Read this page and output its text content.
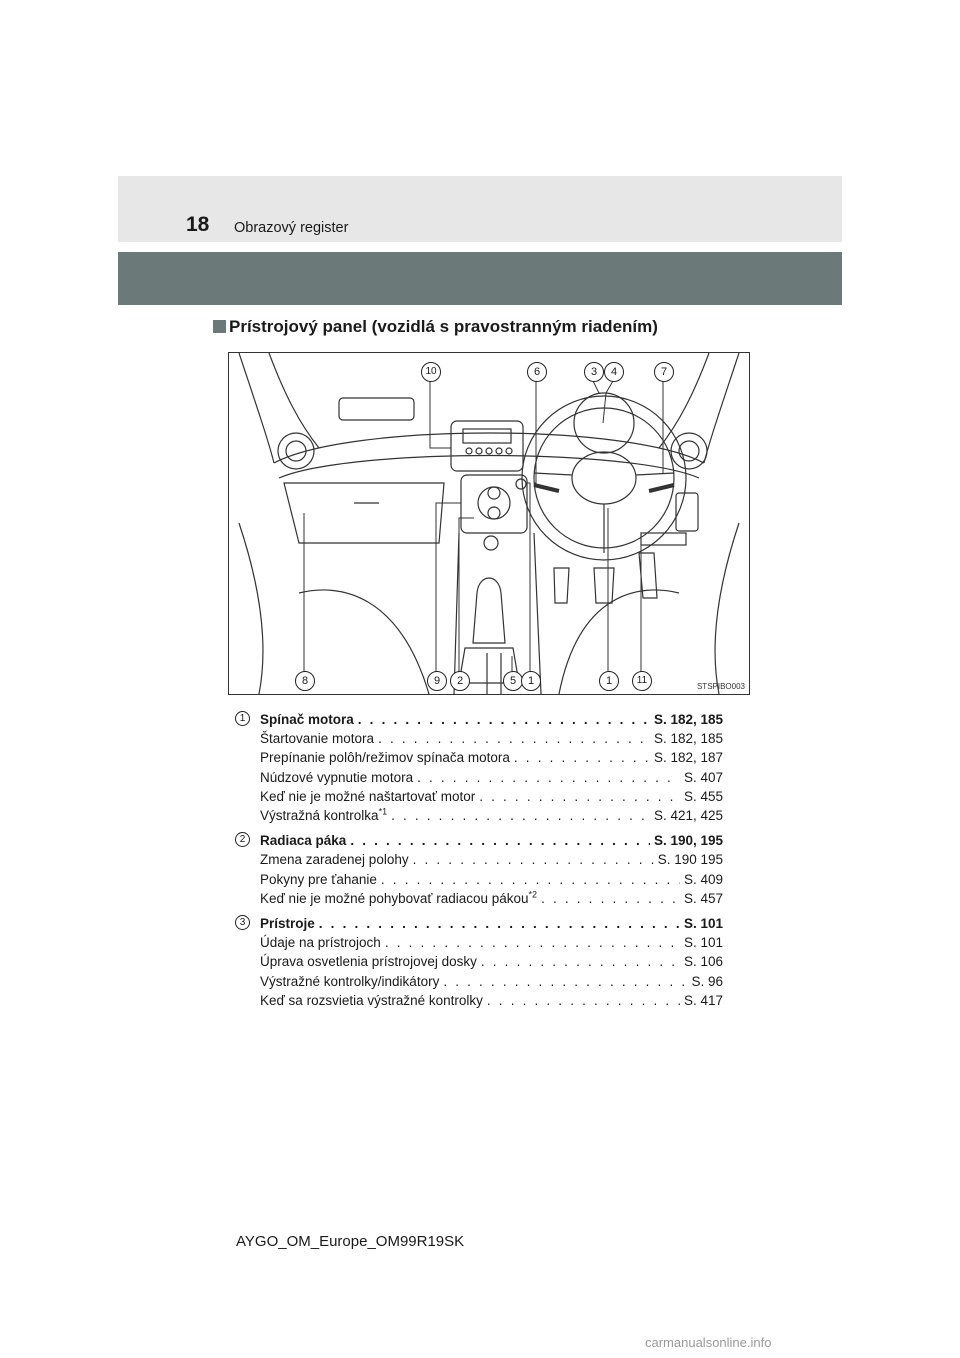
18 Obrazový register
Prístrojový panel (vozidlá s pravostranným riadením)
10	6	3	4	7
8	9	2	5	1	1	11
STSPIBO003
1	Spínač motora . . .	S. 182, 185
Štartovanie motora . . .	S. 182, 185
Prepínanie polôh/režimov spínača motora . . .	S. 182, 187
Núdzové vypnutie motora . . .	S. 407
Keď nie je možné naštartovať motor . . .	S. 455
Výstražná kontrolka$^{*1}$ . . .	S. 421, 425
2	Radiaca páka . . .	S. 190, 195
Zmena zaradenej polohy . . .	S. 190 195
Pokyny pre ťahanie . . .	S. 409
Keď nie je možné pohybovať radiacou pákou$^{*2}$ . . .	S. 457
3	Prístroje . . .	S. 101
Údaje na prístrojoch . . .	S. 101
Úprava osvetlenia prístrojovej dosky . . .	S. 106
Výstražné kontrolky/indikátory . . .	S. 96
Keď sa rozsvietia výstražné kontrolky . . .	S. 417
AYGO_OM_Europe_OM99R19SK
carmanualsonline.info
